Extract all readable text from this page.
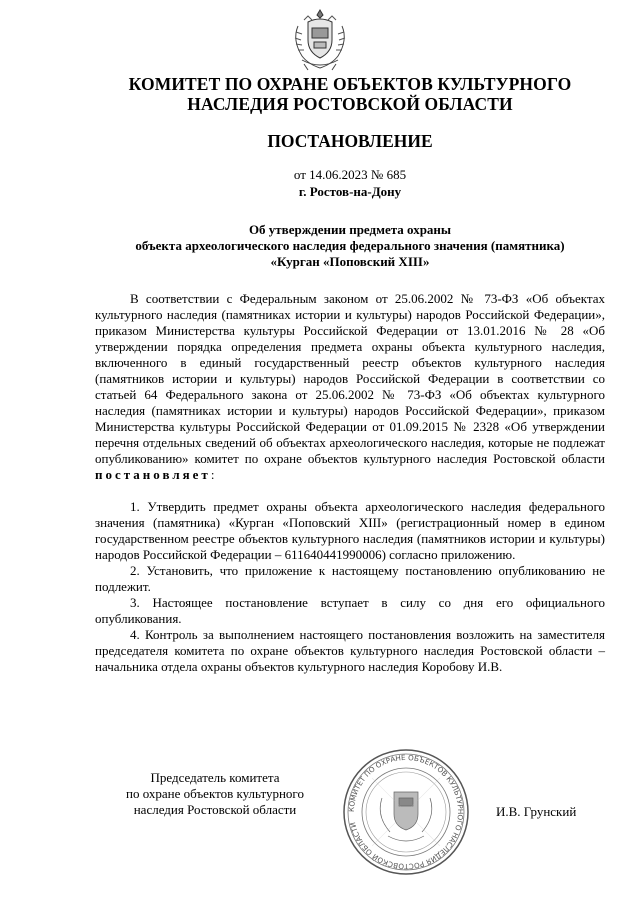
КОМИТЕТ ПО ОХРАНЕ ОБЪЕКТОВ КУЛЬТУРНОГО
НАСЛЕДИЯ РОСТОВСКОЙ ОБЛАСТИ
ПОСТАНОВЛЕНИЕ
от 14.06.2023 № 685
г. Ростов-на-Дону
Об утверждении предмета охраны
объекта археологического наследия федерального значения (памятника)
«Курган «Поповский XIII»

В соответствии с Федеральным законом от 25.06.2002 № 73-ФЗ «Об объектах культурного наследия (памятниках истории и культуры) народов Российской Федерации», приказом Министерства культуры Российской Федерации от 13.01.2016 № 28 «Об утверждении порядка определения предмета охраны объекта культурного наследия, включенного в единый государственный реестр объектов культурного наследия (памятников истории и культуры) народов Российской Федерации в соответствии со статьей 64 Федерального закона от 25.06.2002 № 73-ФЗ «Об объектах культурного наследия (памятниках истории и культуры) народов Российской Федерации», приказом Министерства культуры Российской Федерации от 01.09.2015 № 2328 «Об утверждении перечня отдельных сведений об объектах археологического наследия, которые не подлежат опубликованию» комитет по охране объектов культурного наследия Ростовской области постановляет:

1. Утвердить предмет охраны объекта археологического наследия федерального значения (памятника) «Курган «Поповский XIII» (регистрационный номер в едином государственном реестре объектов культурного наследия (памятников истории и культуры) народов Российской Федерации – 611640441990006) согласно приложению.

2. Установить, что приложение к настоящему постановлению опубликованию не подлежит.

3. Настоящее постановление вступает в силу со дня его официального опубликования.

4. Контроль за выполнением настоящего постановления возложить на заместителя председателя комитета по охране объектов культурного наследия Ростовской области – начальника отдела охраны объектов культурного наследия Коробову И.В.

Председатель комитета
по охране объектов культурного
наследия Ростовской области	КОМИТЕТ ПО ОХРАНЕ ОБЪЕКТОВ КУЛЬТУРНОГО НАСЛЕДИЯ РОСТОВСКОЙ ОБЛАСТИ
И.В. Грунский
